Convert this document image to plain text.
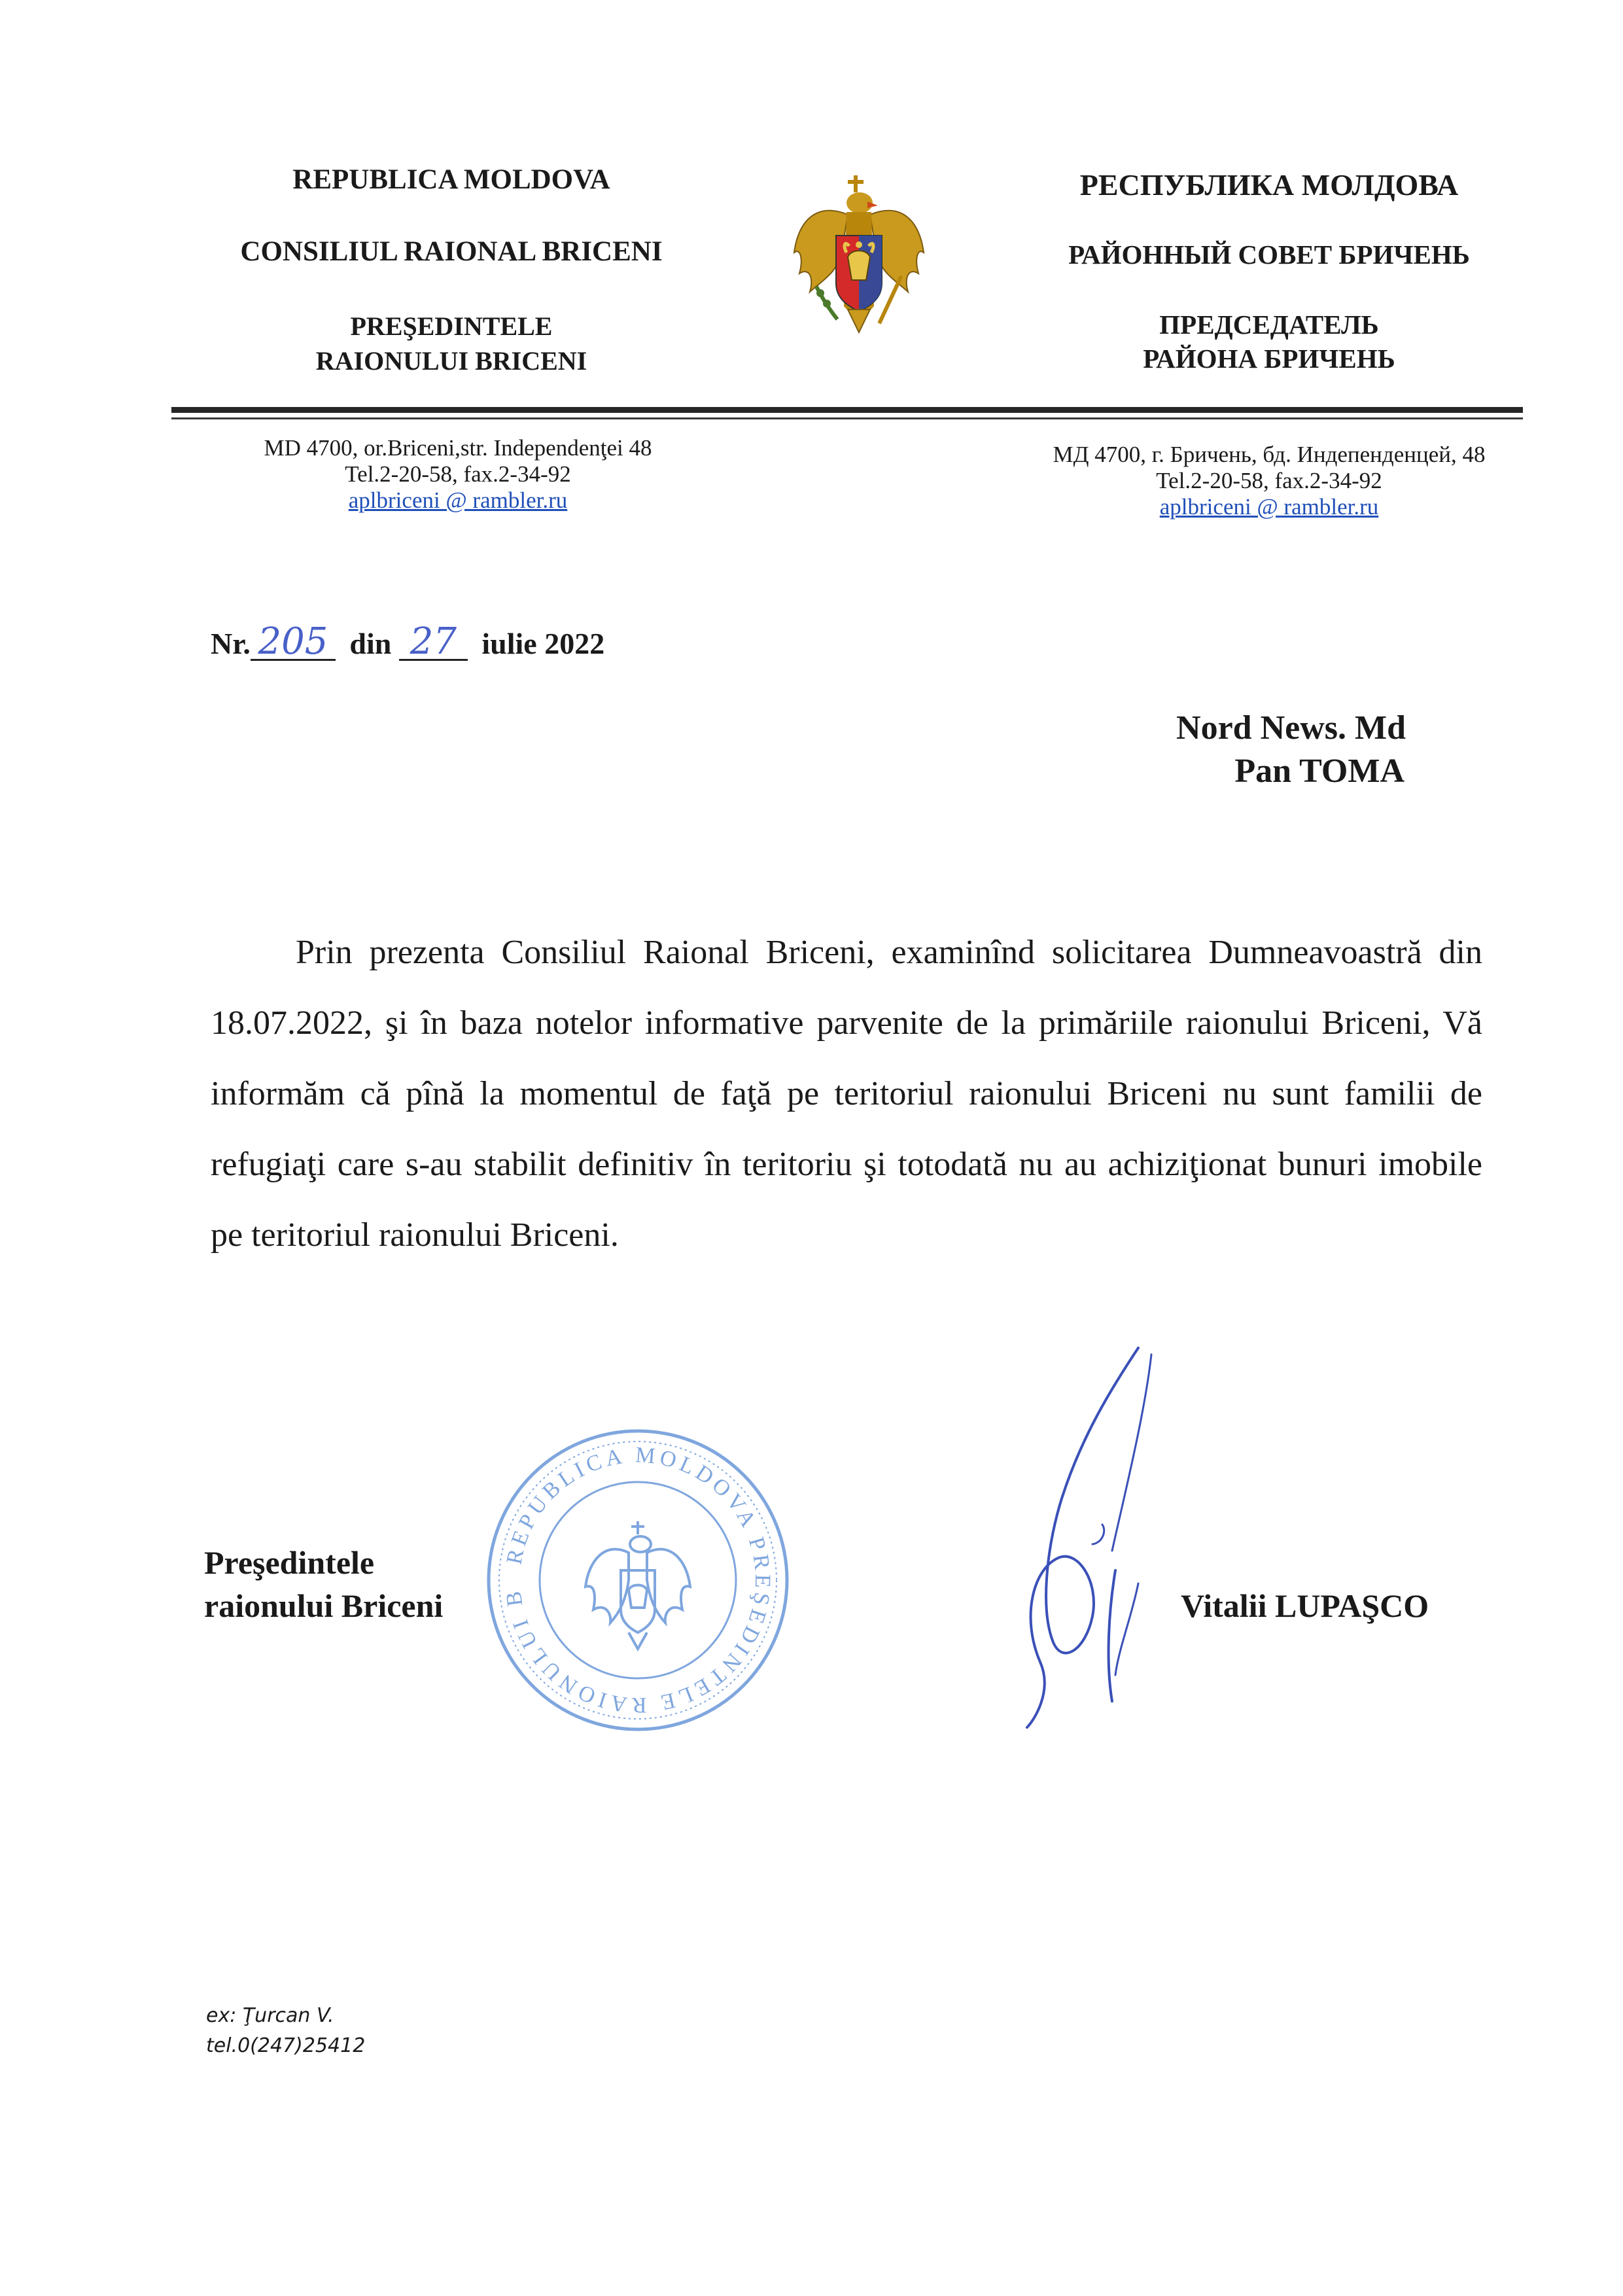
REPUBLICA MOLDOVA
CONSILIUL RAIONAL BRICENI
PREŞEDINTELE
RAIONULUI BRICENI
РЕСПУБЛИКА МОЛДОВА
РАЙОННЫЙ СОВЕТ БРИЧЕНЬ
ПРЕДСЕДАТЕЛЬ
РАЙОНА БРИЧЕНЬ
MD 4700, or.Briceni,str. Independenţei 48
Tel.2-20-58, fax.2-34-92
aplbriceni @ rambler.ru
МД 4700, г. Бричень, бд. Индепенденцей, 48
Tel.2-20-58, fax.2-34-92
aplbriceni @ rambler.ru
Nr. 205 din 27 iulie 2022
Nord News. Md
Pan TOMA

Prin prezenta Consiliul Raional Briceni, examinînd solicitarea Dumneavoastră din 18.07.2022, şi în baza notelor informative parvenite de la primăriile raionului Briceni, Vă informăm că pînă la momentul de faţă pe teritoriul raionului Briceni nu sunt familii de refugiaţi care s-au stabilit definitiv în teritoriu şi totodată nu au achiziţionat bunuri imobile pe teritoriul raionului Briceni.

REPUBLICA MOLDOVA PREŞEDINTELE RAIONULUI B
Preşedintele
raionului Briceni	Vitalii LUPAŞCO
ex: Ţurcan V.
tel.0(247)25412
